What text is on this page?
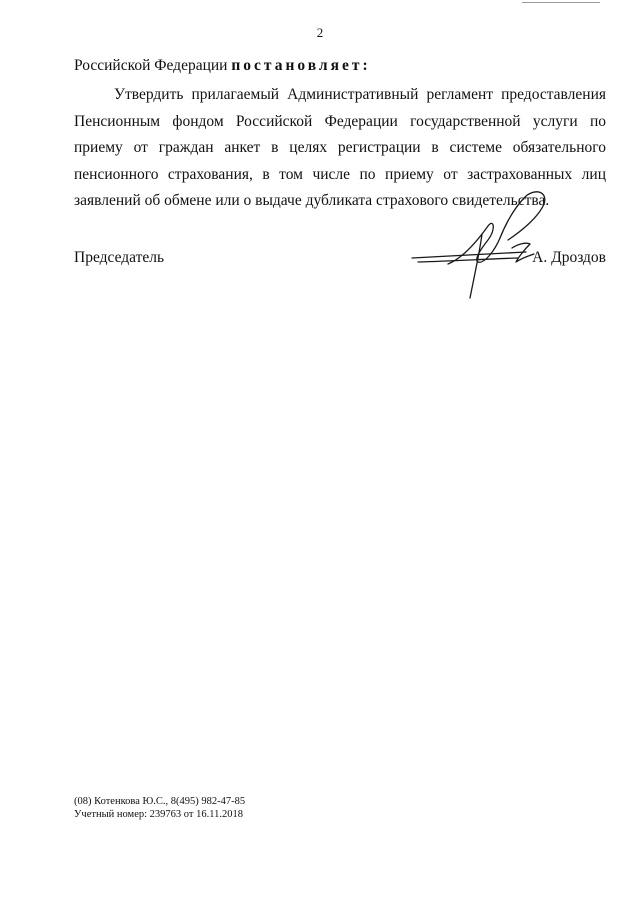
2
Российской Федерации постановляет:

Утвердить прилагаемый Административный регламент предоставления Пенсионным фондом Российской Федерации государственной услуги по приему от граждан анкет в целях регистрации в системе обязательного пенсионного страхования, в том числе по приему от застрахованных лиц заявлений об обмене или о выдаче дубликата страхового свидетельства.

Председатель	А. Дроздов
(08) Котенкова Ю.С., 8(495) 982-47-85
Учетный номер: 239763 от 16.11.2018
